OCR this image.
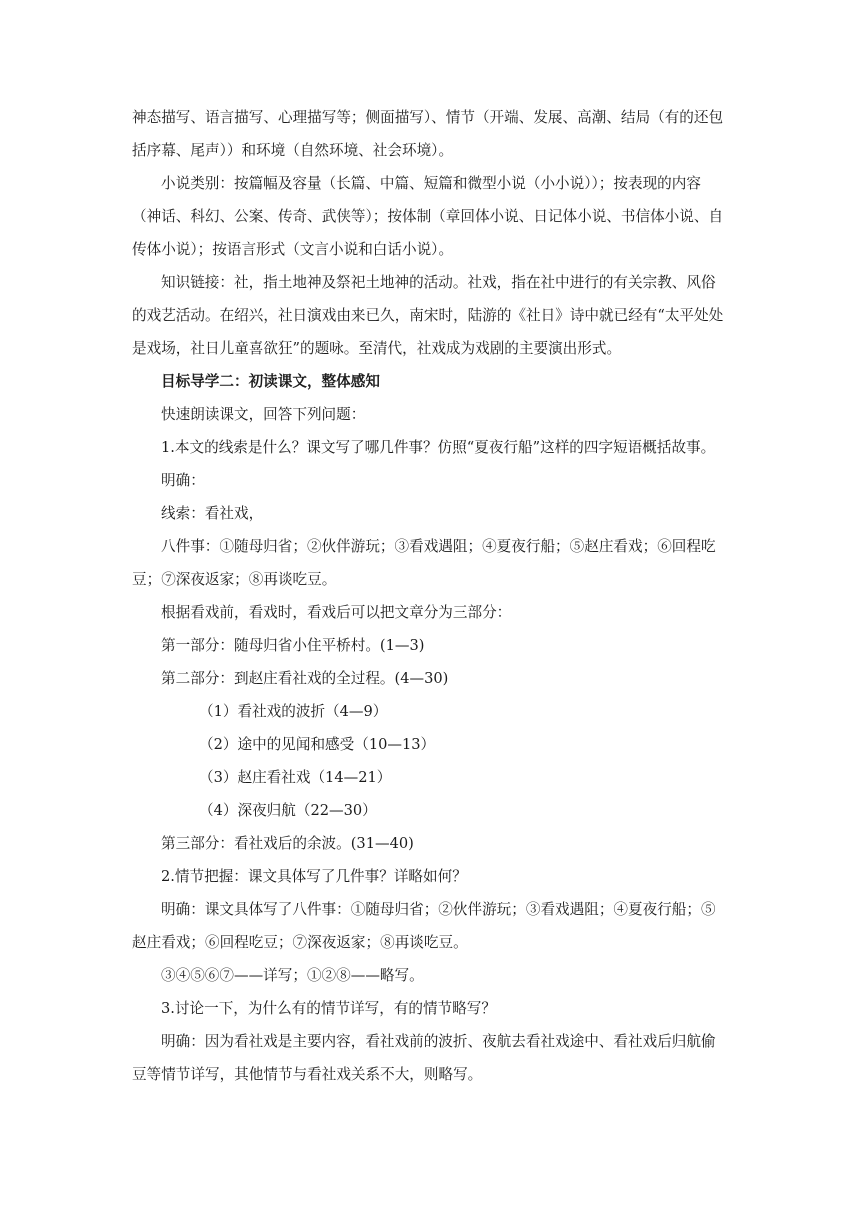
神态描写、语言描写、心理描写等；侧面描写）、情节（开端、发展、高潮、结局（有的还包括序幕、尾声））和环境（自然环境、社会环境）。

小说类别：按篇幅及容量（长篇、中篇、短篇和微型小说（小小说））；按表现的内容（神话、科幻、公案、传奇、武侠等）；按体制（章回体小说、日记体小说、书信体小说、自传体小说）；按语言形式（文言小说和白话小说）。

知识链接：社，指土地神及祭祀土地神的活动。社戏，指在社中进行的有关宗教、风俗的戏艺活动。在绍兴，社日演戏由来已久，南宋时，陆游的《社日》诗中就已经有“太平处处是戏场，社日儿童喜欲狂”的题咏。至清代，社戏成为戏剧的主要演出形式。

目标导学二：初读课文，整体感知

快速朗读课文，回答下列问题：

1.本文的线索是什么？课文写了哪几件事？仿照“夏夜行船”这样的四字短语概括故事。

明确：

线索：看社戏，

八件事：①随母归省；②伙伴游玩；③看戏遇阻；④夏夜行船；⑤赵庄看戏；⑥回程吃豆；⑦深夜返家；⑧再谈吃豆。

根据看戏前，看戏时，看戏后可以把文章分为三部分：

第一部分：随母归省小住平桥村。(1—3)

第二部分：到赵庄看社戏的全过程。(4—30)

（1）看社戏的波折（4—9）

（2）途中的见闻和感受（10—13）

（3）赵庄看社戏（14—21）

（4）深夜归航（22—30）

第三部分：看社戏后的余波。(31—40)

2.情节把握：课文具体写了几件事？详略如何？

明确：课文具体写了八件事：①随母归省；②伙伴游玩；③看戏遇阻；④夏夜行船；⑤赵庄看戏；⑥回程吃豆；⑦深夜返家；⑧再谈吃豆。

③④⑤⑥⑦——详写；①②⑧——略写。

3.讨论一下，为什么有的情节详写，有的情节略写？

明确：因为看社戏是主要内容，看社戏前的波折、夜航去看社戏途中、看社戏后归航偷豆等情节详写，其他情节与看社戏关系不大，则略写。
